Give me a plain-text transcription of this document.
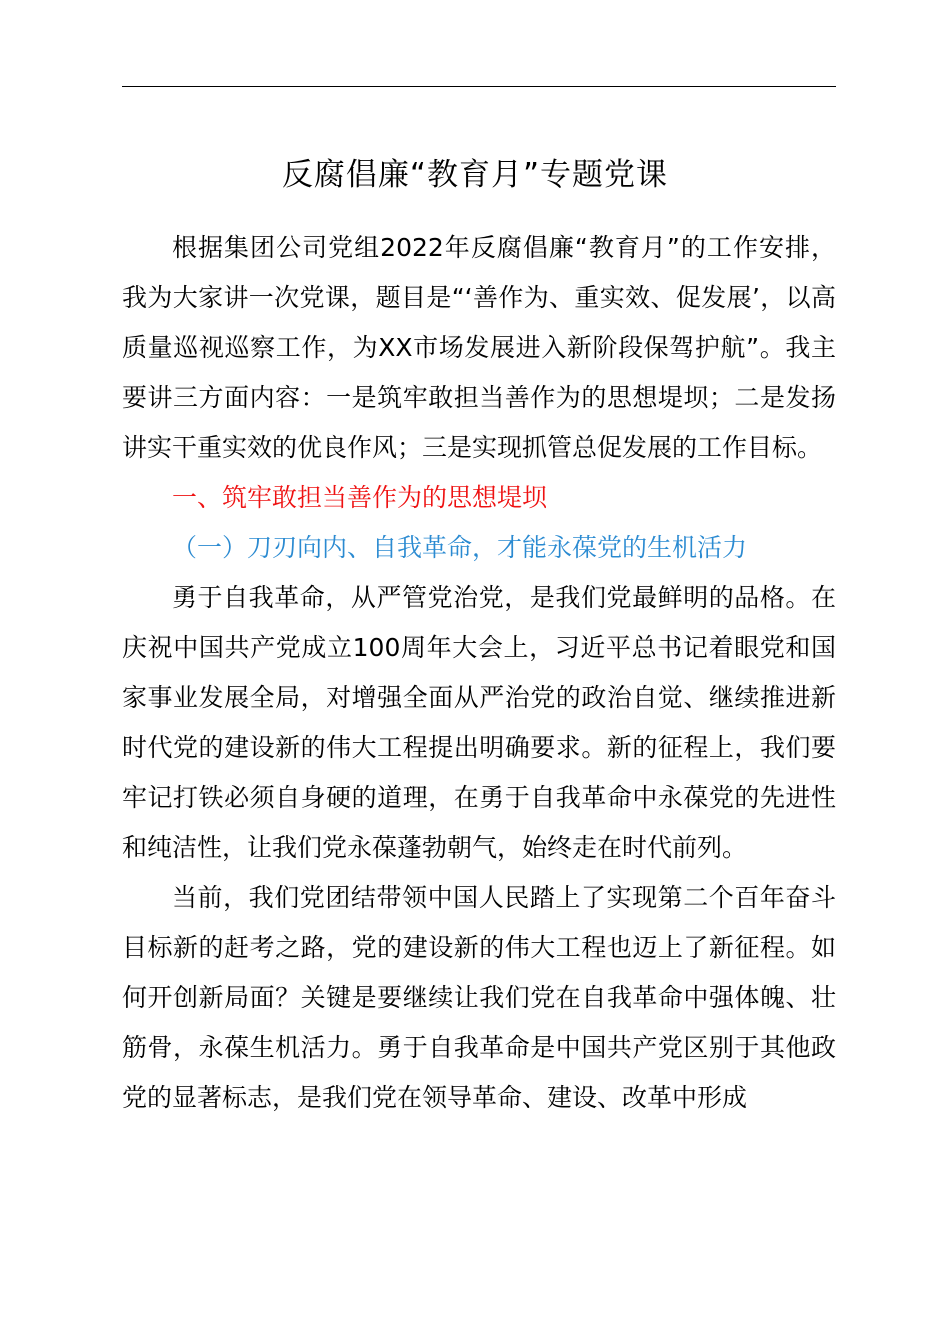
反腐倡廉“教育月”专题党课

根据集团公司党组2022年反腐倡廉“教育月”的工作安排，我为大家讲一次党课，题目是“‘善作为、重实效、促发展’，以高质量巡视巡察工作，为XX市场发展进入新阶段保驾护航”。我主要讲三方面内容：一是筑牢敢担当善作为的思想堤坝；二是发扬讲实干重实效的优良作风；三是实现抓管总促发展的工作目标。

一、筑牢敢担当善作为的思想堤坝

（一）刀刃向内、自我革命，才能永葆党的生机活力

勇于自我革命，从严管党治党，是我们党最鲜明的品格。在庆祝中国共产党成立100周年大会上，习近平总书记着眼党和国家事业发展全局，对增强全面从严治党的政治自觉、继续推进新时代党的建设新的伟大工程提出明确要求。新的征程上，我们要牢记打铁必须自身硬的道理，在勇于自我革命中永葆党的先进性和纯洁性，让我们党永葆蓬勃朝气，始终走在时代前列。

当前，我们党团结带领中国人民踏上了实现第二个百年奋斗目标新的赶考之路，党的建设新的伟大工程也迈上了新征程。如何开创新局面？关键是要继续让我们党在自我革命中强体魄、壮筋骨，永葆生机活力。勇于自我革命是中国共产党区别于其他政党的显著标志，是我们党在领导革命、建设、改革中形成
